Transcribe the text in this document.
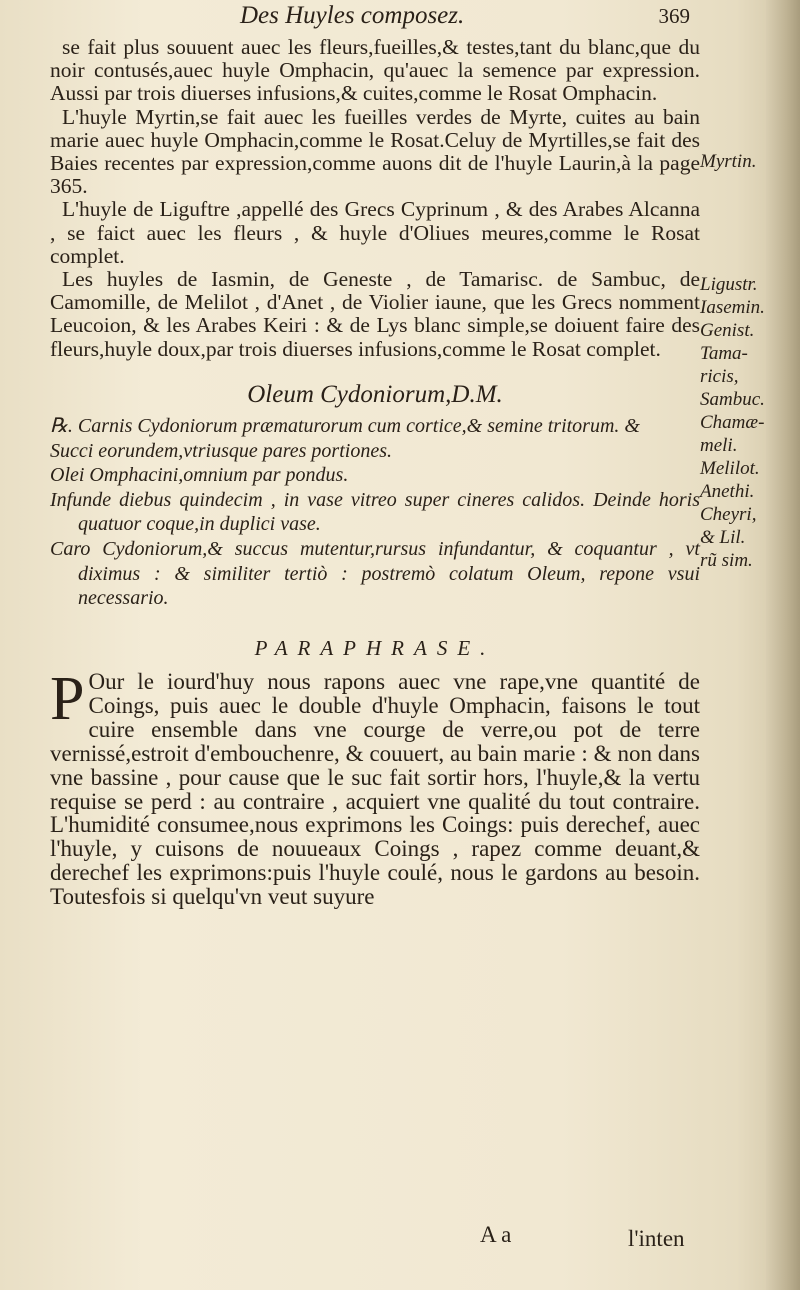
Des Huyles composez.	369

se fait plus souuent auec les fleurs,fueilles,& testes,tant du blanc,que du noir contusés,auec huyle Omphacin, qu'auec la semence par expression. Aussi par trois diuerses infusions,& cuites,comme le Rosat Omphacin.

L'huyle Myrtin,se fait auec les fueilles verdes de Myrte, cuites au bain marie auec huyle Omphacin,comme le Rosat.Celuy de Myrtilles,se fait des Baies recentes par expression,comme auons dit de l'huyle Laurin,à la page 365.

L'huyle de Liguftre ,appellé des Grecs Cyprinum , & des Arabes Alcanna , se faict auec les fleurs , & huyle d'Oliues meures,comme le Rosat complet.

Les huyles de Iasmin, de Geneste , de Tamarisc. de Sambuc, de Camomille, de Melilot , d'Anet , de Violier iaune, que les Grecs nomment Leucoion, & les Arabes Keiri : & de Lys blanc simple,se doiuent faire des fleurs,huyle doux,par trois diuerses infusions,comme le Rosat complet.

Oleum Cydoniorum,D.M.

℞. Carnis Cydoniorum præmaturorum cum cortice,& semine tritorum. &

Succi eorundem,vtriusque pares portiones.

Olei Omphacini,omnium par pondus.

Infunde diebus quindecim , in vase vitreo super cineres calidos. Deinde horis quatuor coque,in duplici vase.

Caro Cydoniorum,& succus mutentur,rursus infundantur, & coquantur , vt diximus : & similiter tertiò : postremò colatum Oleum, repone vsui necessario.

PARAPHRASE.
P Our le iourd'huy nous rapons auec vne rape,vne quantité de Coings, puis auec le double d'huyle Omphacin, faisons le tout cuire ensemble dans vne courge de verre,ou pot de terre vernissé,estroit d'embouchenre, & couuert, au bain marie : & non dans vne bassine , pour cause que le suc fait sortir hors, l'huyle,& la vertu requise se perd : au contraire , acquiert vne qualité du tout contraire. L'humidité consumee,nous exprimons les Coings: puis derechef, auec l'huyle, y cuisons de nouueaux Coings , rapez comme deuant,& derechef les exprimons:puis l'huyle coulé, nous le gardons au besoin. Toutesfois si quelqu'vn veut suyure
A a	l'inten
Myrtin.
Ligustr.
Iasemin.
Genist.
Tama-
ricis,
Sambuc.
Chamæ-
meli.
Melilot.
Anethi.
Cheyri,
& Lil.
rũ sim.
